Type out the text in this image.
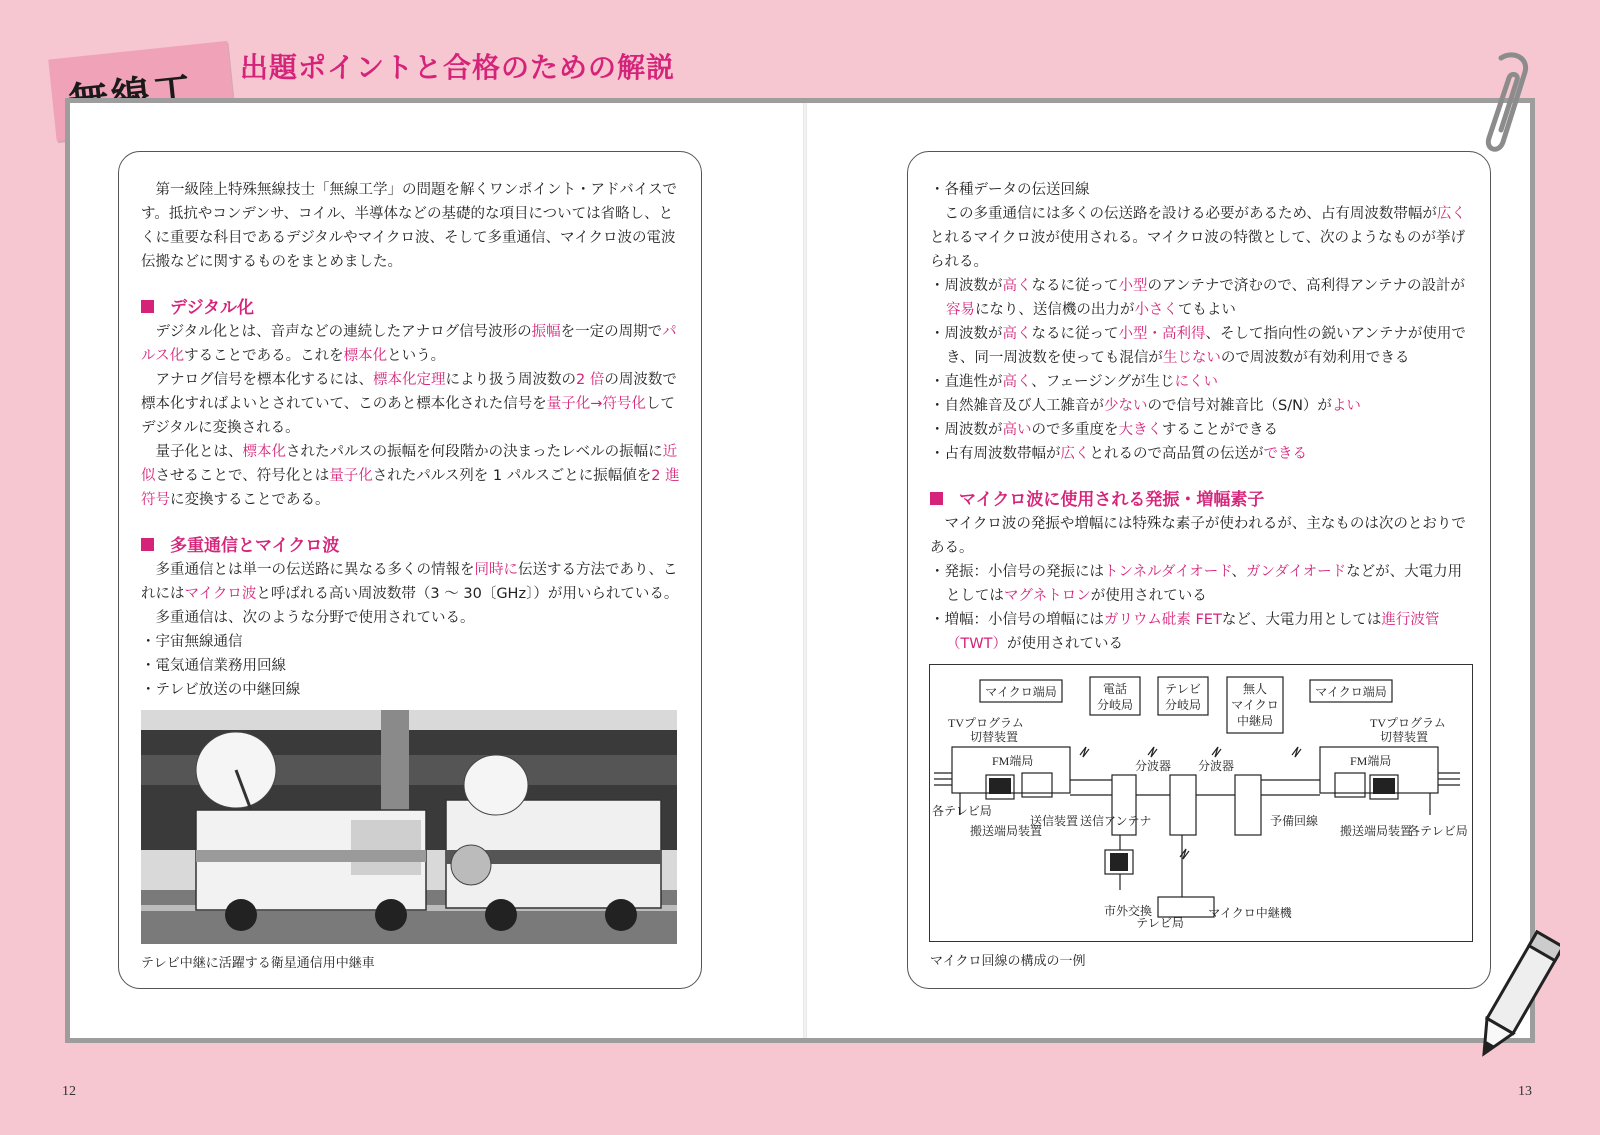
出題ポイントと合格のための解説

第一級陸上特殊無線技士「無線工学」の問題を解くワンポイント・アドバイスです。抵抗やコンデンサ、コイル、半導体などの基礎的な項目については省略し、とくに重要な科目であるデジタルやマイクロ波、そして多重通信、マイクロ波の電波伝搬などに関するものをまとめました。

デジタル化

デジタル化とは、音声などの連続したアナログ信号波形の振幅を一定の周期でパルス化することである。これを標本化という。

アナログ信号を標本化するには、標本化定理により扱う周波数の2 倍の周波数で標本化すればよいとされていて、このあと標本化された信号を量子化→符号化してデジタルに変換される。

量子化とは、標本化されたパルスの振幅を何段階かの決まったレベルの振幅に近似させることで、符号化とは量子化されたパルス列を 1 パルスごとに振幅値を2 進符号に変換することである。

多重通信とマイクロ波

多重通信とは単一の伝送路に異なる多くの情報を同時に伝送する方法であり、これにはマイクロ波と呼ばれる高い周波数帯（3 ～ 30〔GHz〕）が用いられている。

多重通信は、次のような分野で使用されている。

・宇宙無線通信

・電気通信業務用回線

・テレビ放送の中継回線

テレビ中継に活躍する衛星通信用中継車

・各種データの伝送回線

この多重通信には多くの伝送路を設ける必要があるため、占有周波数帯幅が広くとれるマイクロ波が使用される。マイクロ波の特徴として、次のようなものが挙げられる。

・周波数が高くなるに従って小型のアンテナで済むので、高利得アンテナの設計が容易になり、送信機の出力が小さくてもよい

・周波数が高くなるに従って小型・高利得、そして指向性の鋭いアンテナが使用でき、同一周波数を使っても混信が生じないので周波数が有効利用できる

・直進性が高く、フェージングが生じにくい

・自然雑音及び人工雑音が少ないので信号対雑音比（S/N）がよい

・周波数が高いので多重度を大きくすることができる

・占有周波数帯幅が広くとれるので高品質の伝送ができる

マイクロ波に使用される発振・増幅素子

マイクロ波の発振や増幅には特殊な素子が使われるが、主なものは次のとおりである。

・発振：小信号の発振にはトンネルダイオード、ガンダイオードなどが、大電力用としてはマグネトロンが使用されている

・増幅：小信号の増幅にはガリウム砒素 FETなど、大電力用としては進行波管（TWT）が使用されている

マイクロ端局	電話
分岐局
テレビ
分岐局
無人
マイクロ
中継局
マイクロ端局
TVプログラム
切替装置
TVプログラム
切替装置
FM端局	FM端局
テレビ局
市外交換	マイクロ中継機
分波器 分波器
予備回線
搬送端局装置	搬送端局装置
送信装置 送信アンテナ
各テレビ局
各テレビ局
マイクロ回線の構成の一例
12	13
